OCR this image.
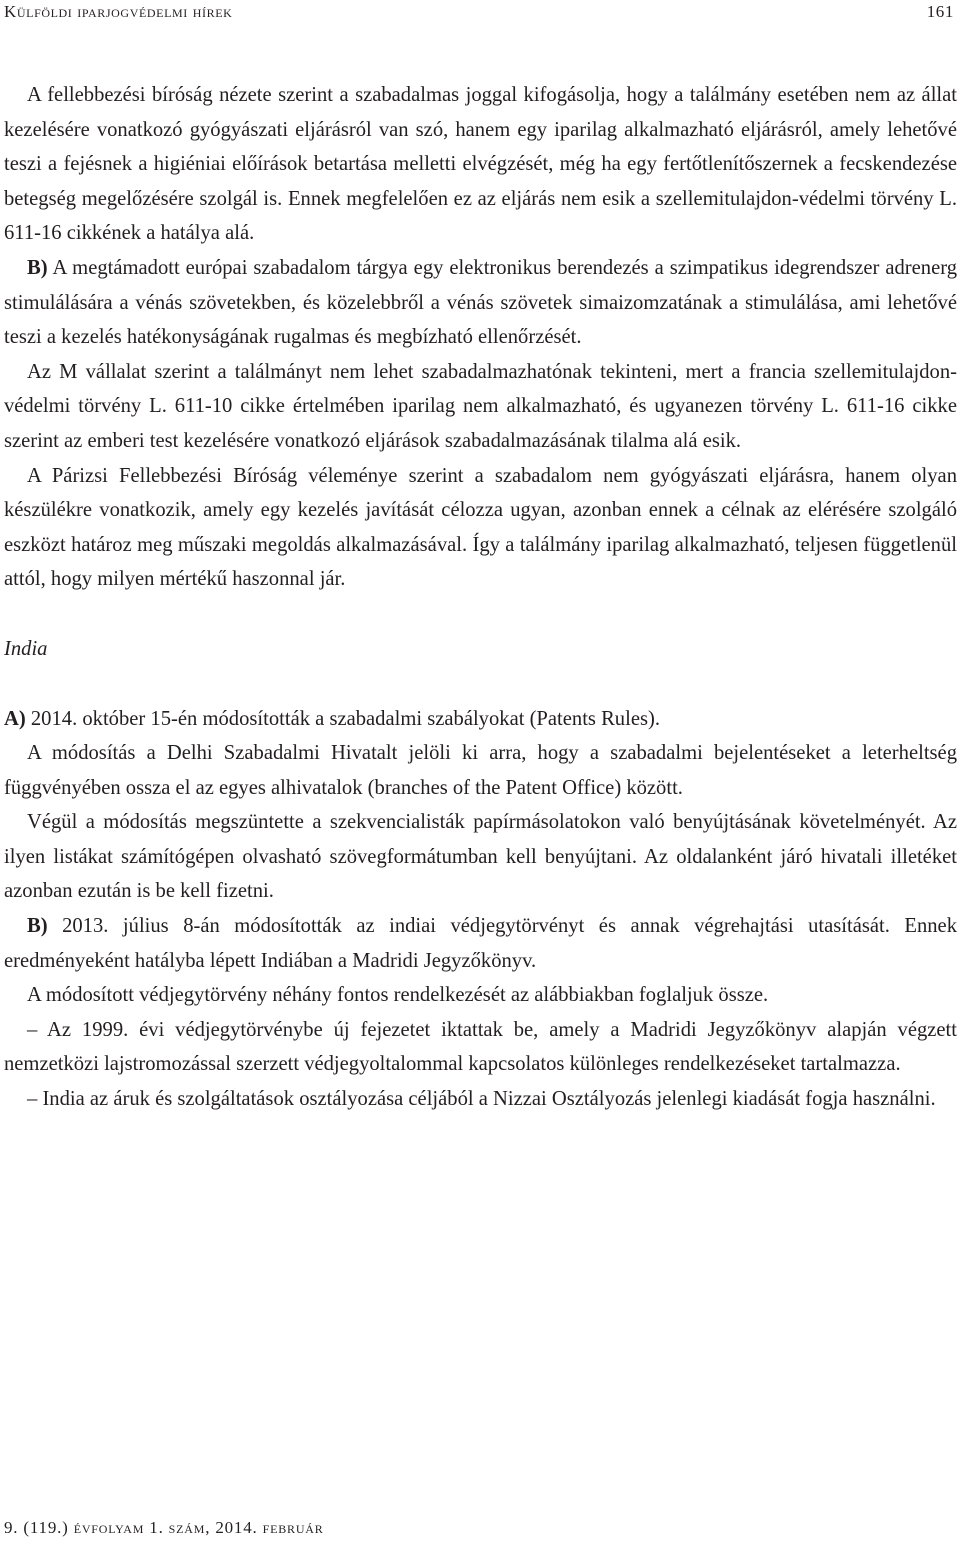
Külföldi iparjogvédelmi hírek	161

A fellebbezési bíróság nézete szerint a szabadalmas joggal kifogásolja, hogy a találmány esetében nem az állat kezelésére vonatkozó gyógyászati eljárásról van szó, hanem egy iparilag alkalmazható eljárásról, amely lehetővé teszi a fejésnek a higiéniai előírások betartása melletti elvégzését, még ha egy fertőtlenítőszernek a fecskendezése betegség megelőzésére szolgál is. Ennek megfelelően ez az eljárás nem esik a szellemitulajdon-védelmi törvény L. 611-16 cikkének a hatálya alá.

B) A megtámadott európai szabadalom tárgya egy elektronikus berendezés a szimpatikus idegrendszer adrenerg stimulálására a vénás szövetekben, és közelebbről a vénás szövetek simaizomzatának a stimulálása, ami lehetővé teszi a kezelés hatékonyságának rugalmas és megbízható ellenőrzését.

Az M vállalat szerint a találmányt nem lehet szabadalmazhatónak tekinteni, mert a francia szellemitulajdon-védelmi törvény L. 611-10 cikke értelmében iparilag nem alkalmazható, és ugyanezen törvény L. 611-16 cikke szerint az emberi test kezelésére vonatkozó eljárások szabadalmazásának tilalma alá esik.

A Párizsi Fellebbezési Bíróság véleménye szerint a szabadalom nem gyógyászati eljárásra, hanem olyan készülékre vonatkozik, amely egy kezelés javítását célozza ugyan, azonban ennek a célnak az elérésére szolgáló eszközt határoz meg műszaki megoldás alkalmazásával. Így a találmány iparilag alkalmazható, teljesen függetlenül attól, hogy milyen mértékű haszonnal jár.

India

A) 2014. október 15-én módosították a szabadalmi szabályokat (Patents Rules).

A módosítás a Delhi Szabadalmi Hivatalt jelöli ki arra, hogy a szabadalmi bejelentéseket a leterheltség függvényében ossza el az egyes alhivatalok (branches of the Patent Office) között.

Végül a módosítás megszüntette a szekvencialisták papírmásolatokon való benyújtásának követelményét. Az ilyen listákat számítógépen olvasható szövegformátumban kell benyújtani. Az oldalanként járó hivatali illetéket azonban ezután is be kell fizetni.

B) 2013. július 8-án módosították az indiai védjegytörvényt és annak végrehajtási utasítását. Ennek eredményeként hatályba lépett Indiában a Madridi Jegyzőkönyv.

A módosított védjegytörvény néhány fontos rendelkezését az alábbiakban foglaljuk össze.

– Az 1999. évi védjegytörvénybe új fejezetet iktattak be, amely a Madridi Jegyzőkönyv alapján végzett nemzetközi lajstromozással szerzett védjegyoltalommal kapcsolatos különleges rendelkezéseket tartalmazza.

– India az áruk és szolgáltatások osztályozása céljából a Nizzai Osztályozás jelenlegi kiadását fogja használni.

9. (119.) évfolyam 1. szám, 2014. február
